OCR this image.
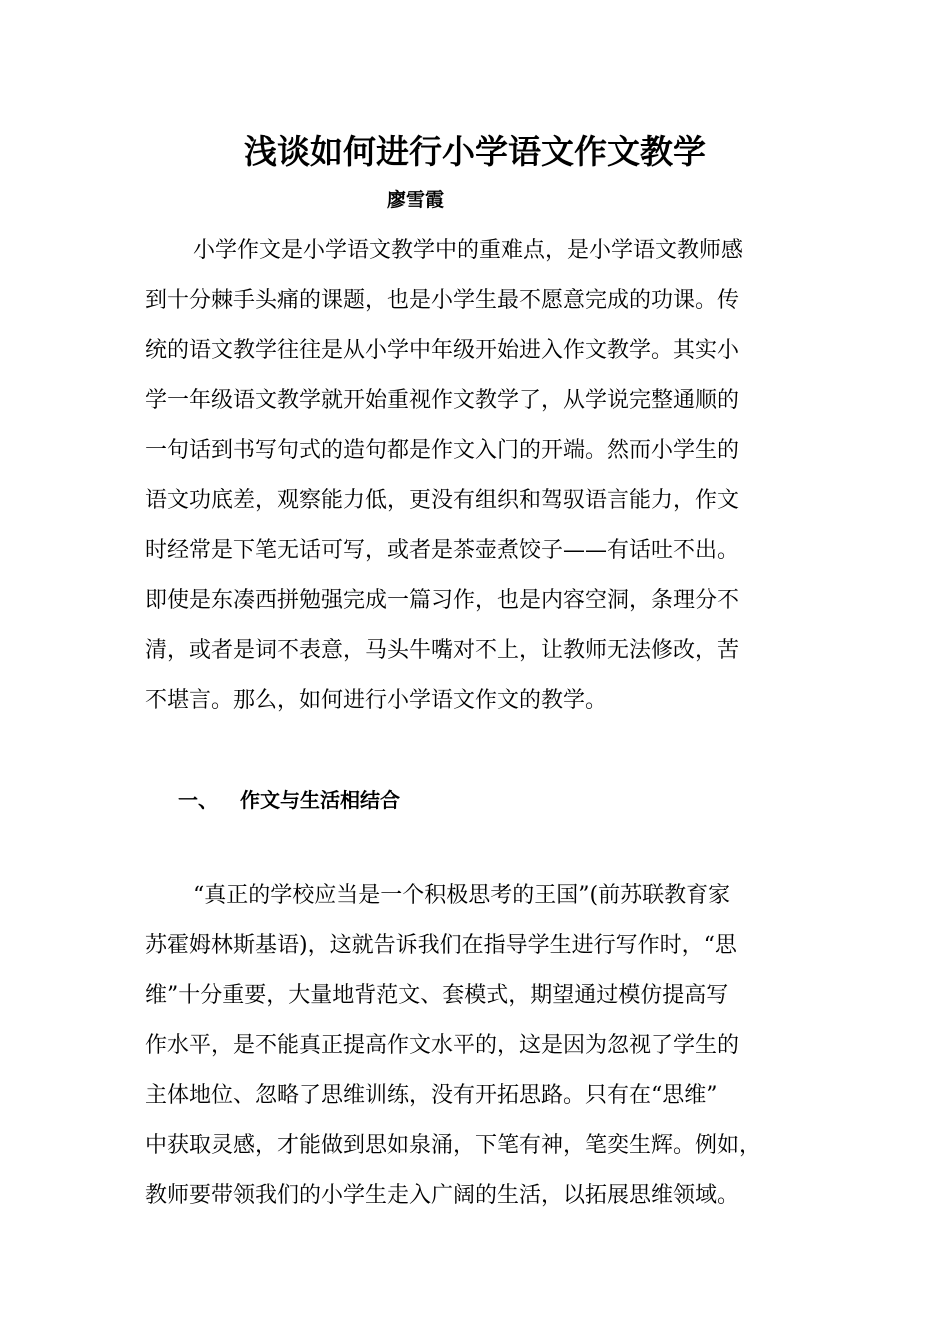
浅谈如何进行小学语文作文教学
廖雪霞
小学作文是小学语文教学中的重难点，是小学语文教师感
到十分棘手头痛的课题，也是小学生最不愿意完成的功课。传
统的语文教学往往是从小学中年级开始进入作文教学。其实小
学一年级语文教学就开始重视作文教学了，从学说完整通顺的
一句话到书写句式的造句都是作文入门的开端。然而小学生的
语文功底差，观察能力低，更没有组织和驾驭语言能力，作文
时经常是下笔无话可写，或者是茶壶煮饺子——有话吐不出。
即使是东凑西拼勉强完成一篇习作，也是内容空洞，条理分不
清，或者是词不表意，马头牛嘴对不上，让教师无法修改，苦
不堪言。那么，如何进行小学语文作文的教学。
一、 作文与生活相结合
“真正的学校应当是一个积极思考的王国”(前苏联教育家
苏霍姆林斯基语)，这就告诉我们在指导学生进行写作时，“思
维”十分重要，大量地背范文、套模式，期望通过模仿提高写
作水平，是不能真正提高作文水平的，这是因为忽视了学生的
主体地位、忽略了思维训练，没有开拓思路。只有在“思维”
中获取灵感，才能做到思如泉涌，下笔有神，笔奕生辉。例如，
教师要带领我们的小学生走入广阔的生活，以拓展思维领域。
